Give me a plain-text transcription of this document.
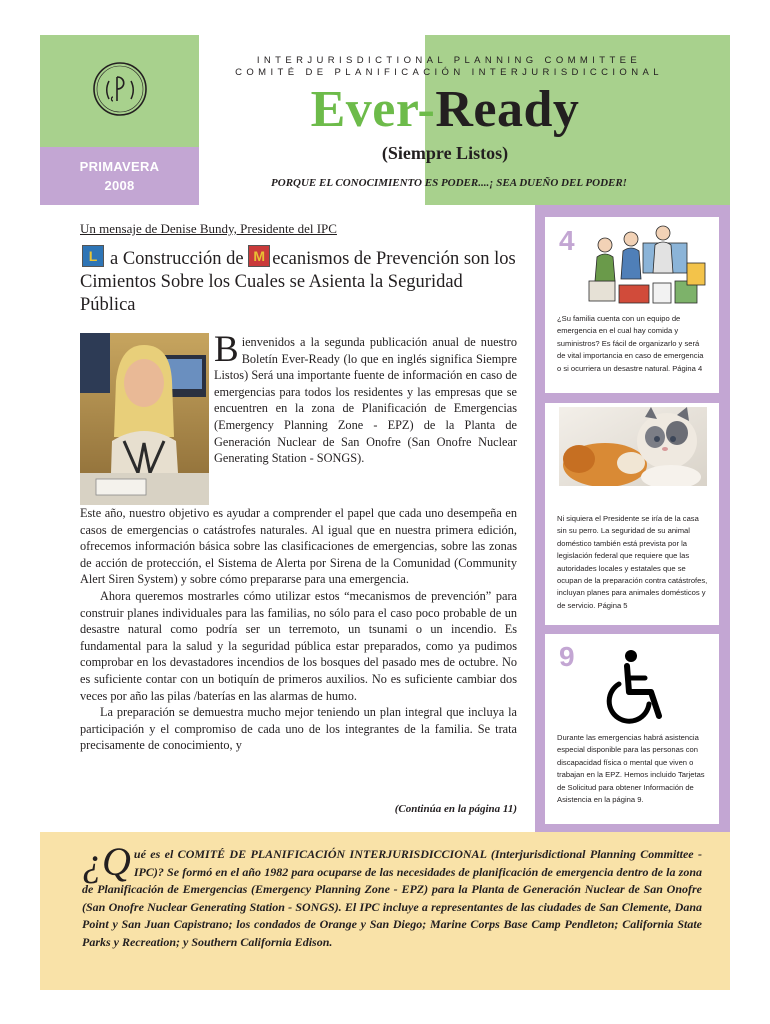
PRIMAVERA
2008
INTERJURISDICTIONAL PLANNING COMMITTEE
COMITÉ DE PLANIFICACIÓN INTERJURISDICCIONAL
Ever-Ready
(Siempre Listos)
PORQUE EL CONOCIMIENTO ES PODER....¡ SEA DUEÑO DEL PODER!
4
¿Su familia cuenta con un equipo de emergencia en el cual hay comida y suministros? Es fácil de organizarlo y será de vital importancia en caso de emergencia o si ocurriera un desastre natural. Página 4
Ni siquiera el Presidente se iría de la casa sin su perro. La seguridad de su animal doméstico también está prevista por la legislación federal que requiere que las autoridades locales y estatales que se ocupan de la preparación contra catástrofes, incluyan planes para animales domésticos y de servicio. Página 5
9
Durante las emergencias habrá asistencia especial disponible para las personas con discapacidad física o mental que viven o trabajan en la EPZ. Hemos incluido Tarjetas de Solicitud para obtener Información de Asistencia en la página 9.
Un mensaje de Denise Bundy, Presidente del IPC
L a Construcción de M ecanismos de Prevención son los Cimientos Sobre los Cuales se Asienta la Seguridad Pública
Bienvenidos a la segunda publicación anual de nuestro Boletín Ever-Ready (lo que en inglés significa Siempre Listos) Será una importante fuente de información en caso de emergencias para todos los residentes y las empresas que se encuentren en la zona de Planificación de Emergencias (Emergency Planning Zone - EPZ) de la Planta de Generación Nuclear de San Onofre (San Onofre Nuclear Generating Station - SONGS).

Este año, nuestro objetivo es ayudar a comprender el papel que cada uno desempeña en casos de emergencias o catástrofes naturales. Al igual que en nuestra primera edición, ofrecemos información básica sobre las clasificaciones de emergencias, sobre las zonas de acción de protección, el Sistema de Alerta por Sirena de la Comunidad (Community Alert Siren System) y sobre cómo prepararse para una emergencia.

Ahora queremos mostrarles cómo utilizar estos “mecanismos de prevención” para construir planes individuales para las familias, no sólo para el caso poco probable de un desastre natural como podría ser un terremoto, un tsunami o un incendio. Es fundamental para la salud y la seguridad pública estar preparados, como ya pudimos comprobar en los devastadores incendios de los bosques del pasado mes de octubre. No es suficiente contar con un botiquín de primeros auxilios. No es suficiente cambiar dos veces por año las pilas /baterías en las alarmas de humo.

La preparación se demuestra mucho mejor teniendo un plan integral que incluya la participación y el compromiso de cada uno de los integrantes de la familia. Se trata precisamente de conocimiento, y

(Continúa en la página 11)
¿Q ué es el COMITÉ DE PLANIFICACIÓN INTERJURISDICCIONAL (Interjurisdictional Planning Committee - IPC)? Se formó en el año 1982 para ocuparse de las necesidades de planificación de emergencia dentro de la zona de Planificación de Emergencias (Emergency Planning Zone - EPZ) para la Planta de Generación Nuclear de San Onofre (San Onofre Nuclear Generating Station - SONGS). El IPC incluye a representantes de las ciudades de San Clemente, Dana Point y San Juan Capistrano; los condados de Orange y San Diego; Marine Corps Base Camp Pendleton; California State Parks y Recreation; y Southern California Edison.
